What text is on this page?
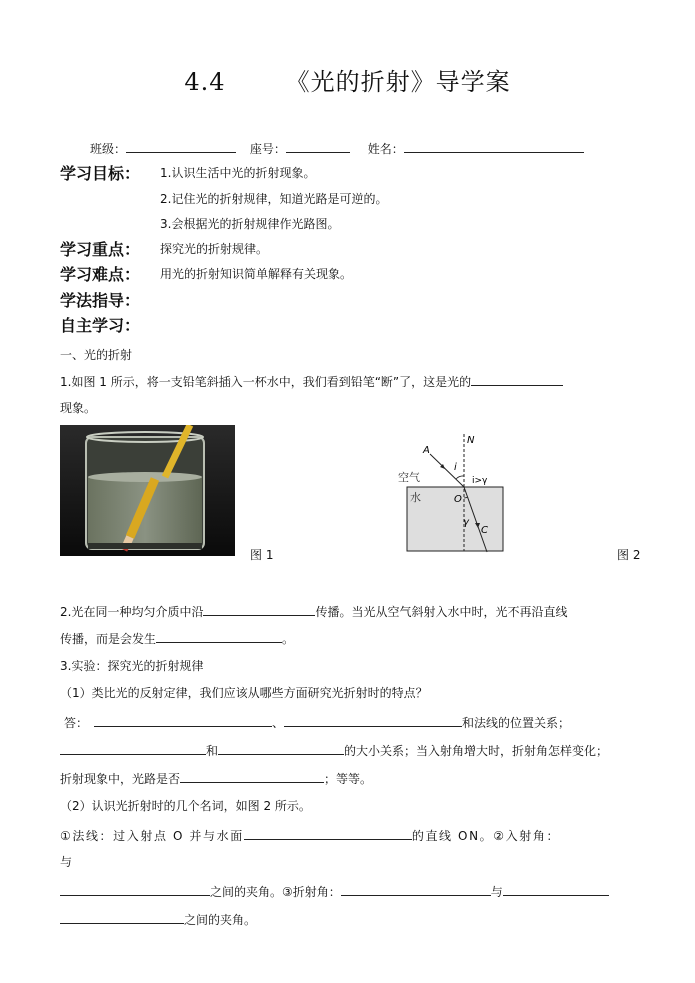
4.4	《光的折射》导学案
班级：	座号：	姓名：
学习目标： 1.认识生活中光的折射现象。
2.记住光的折射规律，知道光路是可逆的。
3.会根据光的折射规律作光路图。
学习重点： 探究光的折射规律。
学习难点： 用光的折射知识简单解释有关现象。
学法指导：
自主学习：
一、光的折射
1.如图 1 所示，将一支铅笔斜插入一杯水中，我们看到铅笔“断”了，这是光的
现象。
图 1
A
N
i
i>γ
空气
水	O
γ
C
图 2
2.光在同一种均匀介质中沿	传播。当光从空气斜射入水中时，光不再沿直线
传播，而是会发生	。
3.实验：探究光的折射规律
（1）类比光的反射定律，我们应该从哪些方面研究光折射时的特点？
答：	、	和法线的位置关系；
和	的大小关系；当入射角增大时，折射角怎样变化；
折射现象中，光路是否	；等等。
（2）认识光折射时的几个名词，如图 2 所示。
①法线：过入射点 O 并与水面	的直线 ON。②入射角：
与
之间的夹角。③折射角：	与
之间的夹角。
